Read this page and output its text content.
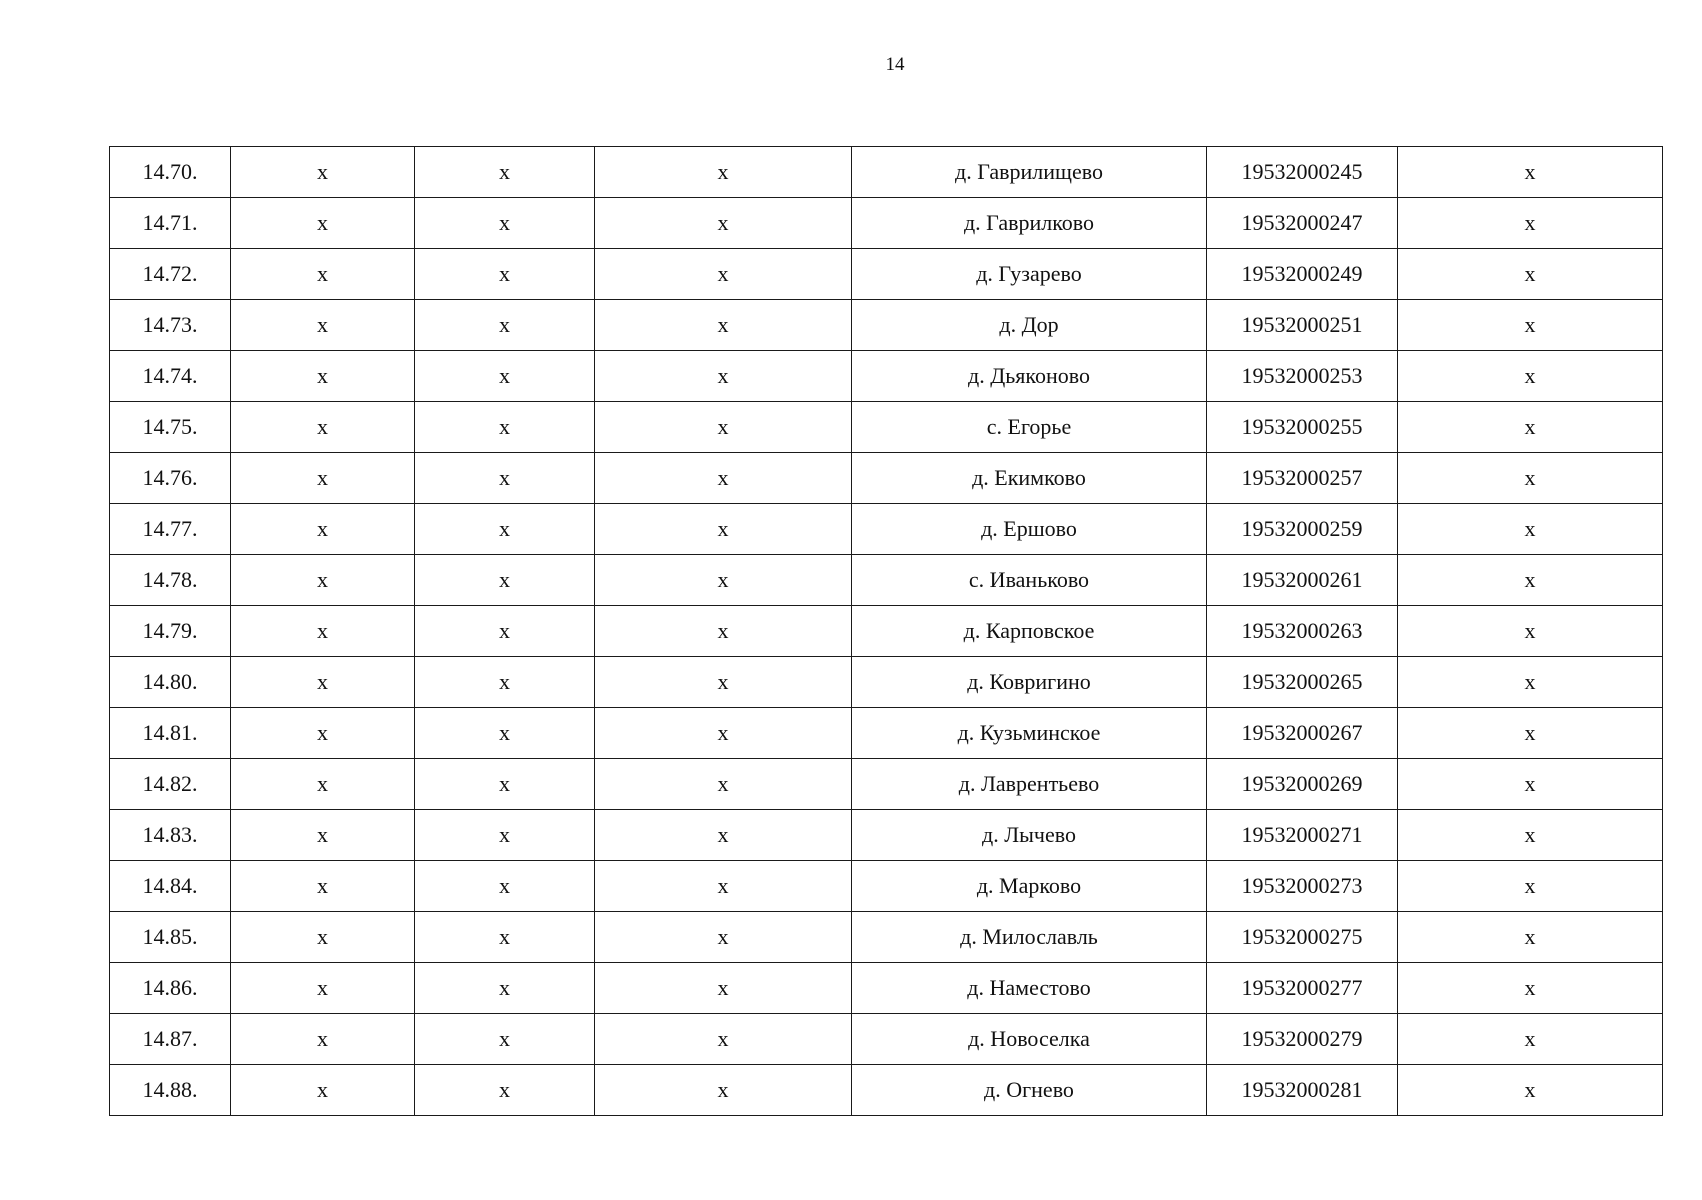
14
14.70.	х	х	х	д. Гаврилищево	19532000245	х
14.71.	х	х	х	д. Гаврилково	19532000247	х
14.72.	х	х	х	д. Гузарево	19532000249	х
14.73.	х	х	х	д. Дор	19532000251	х
14.74.	х	х	х	д. Дьяконово	19532000253	х
14.75.	х	х	х	с. Егорье	19532000255	х
14.76.	х	х	х	д. Екимково	19532000257	х
14.77.	х	х	х	д. Ершово	19532000259	х
14.78.	х	х	х	с. Иваньково	19532000261	х
14.79.	х	х	х	д. Карповское	19532000263	х
14.80.	х	х	х	д. Ковригино	19532000265	х
14.81.	х	х	х	д. Кузьминское	19532000267	х
14.82.	х	х	х	д. Лаврентьево	19532000269	х
14.83.	х	х	х	д. Лычево	19532000271	х
14.84.	х	х	х	д. Марково	19532000273	х
14.85.	х	х	х	д. Милославль	19532000275	х
14.86.	х	х	х	д. Наместово	19532000277	х
14.87.	х	х	х	д. Новоселка	19532000279	х
14.88.	х	х	х	д. Огнево	19532000281	х
